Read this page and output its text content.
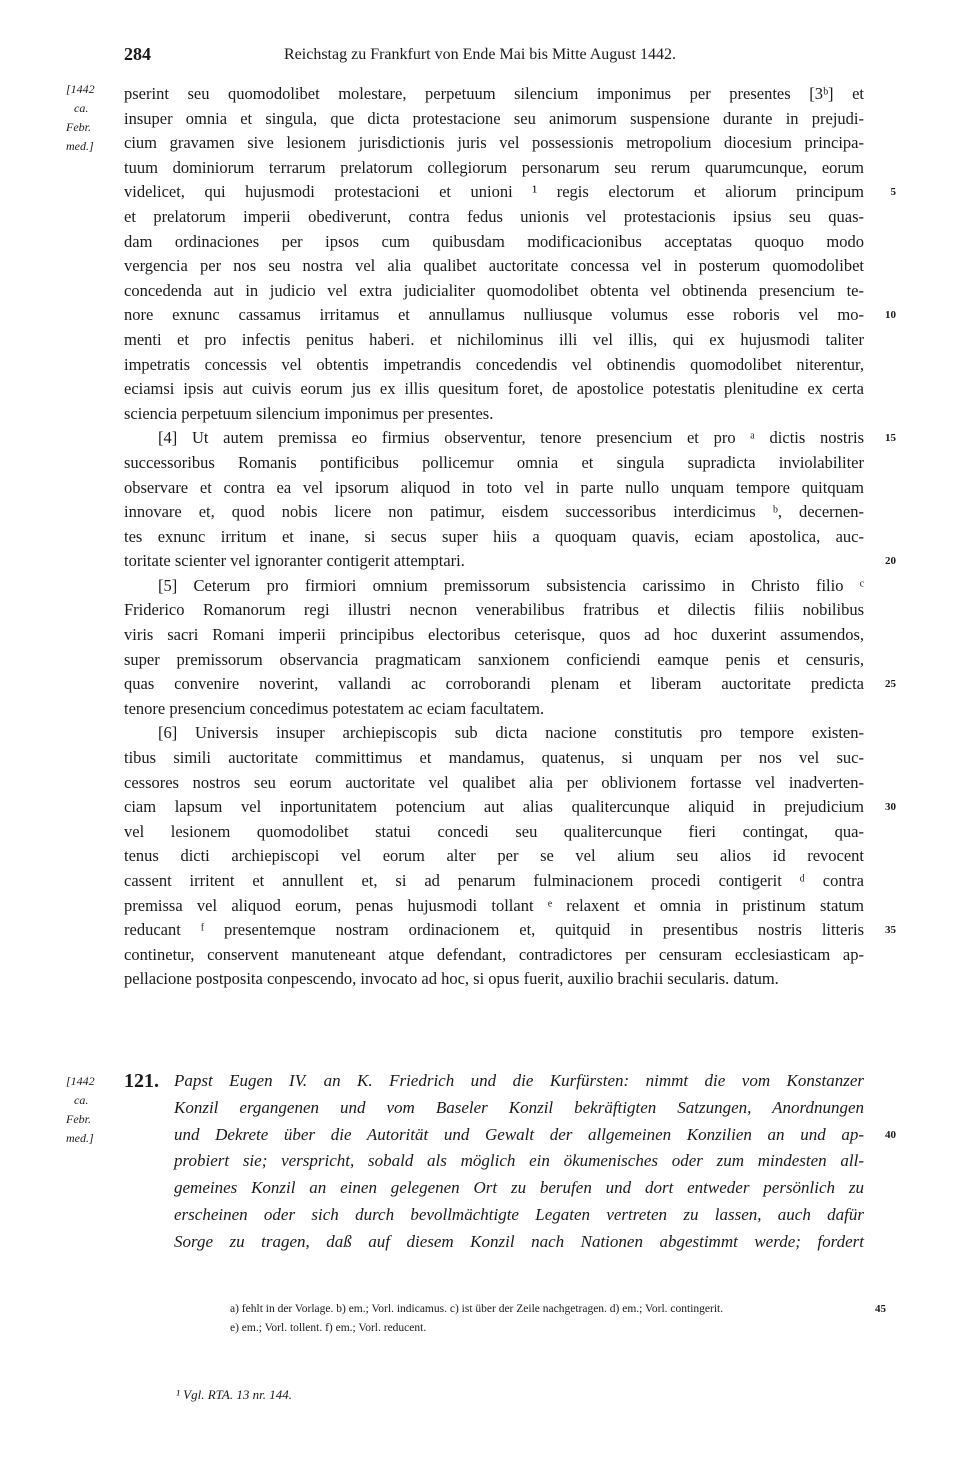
284	Reichstag zu Frankfurt von Ende Mai bis Mitte August 1442.
[1442
ca.
Febr.
med.]
pserint seu quomodolibet molestare, perpetuum silencium imponimus per presentes [3ᵇ] et
insuper omnia et singula, que dicta protestacione seu animorum suspensione durante in prejudi-
cium gravamen sive lesionem jurisdictionis juris vel possessionis metropolium diocesium principa-
tuum dominiorum terrarum prelatorum collegiorum personarum seu rerum quarumcunque, eorum
videlicet, qui hujusmodi protestacioni et unioni ¹ regis electorum et aliorum principum 5
et prelatorum imperii obediverunt, contra fedus unionis vel protestacionis ipsius seu quas-
dam ordinaciones per ipsos cum quibusdam modificacionibus acceptatas quoquo modo
vergencia per nos seu nostra vel alia qualibet auctoritate concessa vel in posterum quomodolibet
concedenda aut in judicio vel extra judicialiter quomodolibet obtenta vel obtinenda presencium te-
nore exnunc cassamus irritamus et annullamus nulliusque volumus esse roboris vel mo- 10
menti et pro infectis penitus haberi. et nichilominus illi vel illis, qui ex hujusmodi taliter
impetratis concessis vel obtentis impetrandis concedendis vel obtinendis quomodolibet niterentur,
eciamsi ipsis aut cuivis eorum jus ex illis quesitum foret, de apostolice potestatis plenitudine ex certa
sciencia perpetuum silencium imponimus per presentes.
[4] Ut autem premissa eo firmius observentur, tenore presencium et pro ᵃ dictis nostris 15
successoribus Romanis pontificibus pollicemur omnia et singula supradicta inviolabiliter
observare et contra ea vel ipsorum aliquod in toto vel in parte nullo unquam tempore quitquam
innovare et, quod nobis licere non patimur, eisdem successoribus interdicimus ᵇ, decernen-
tes exnunc irritum et inane, si secus super hiis a quoquam quavis, eciam apostolica, auc-
toritate scienter vel ignoranter contigerit attemptari.	20
[5] Ceterum pro firmiori omnium premissorum subsistencia carissimo in Christo filio ᶜ
Friderico Romanorum regi illustri necnon venerabilibus fratribus et dilectis filiis nobilibus
viris sacri Romani imperii principibus electoribus ceterisque, quos ad hoc duxerint assumendos,
super premissorum observancia pragmaticam sanxionem conficiendi eamque penis et censuris,
quas convenire noverint, vallandi ac corroborandi plenam et liberam auctoritate predicta 25
tenore presencium concedimus potestatem ac eciam facultatem.
[6] Universis insuper archiepiscopis sub dicta nacione constitutis pro tempore existen-
tibus simili auctoritate committimus et mandamus, quatenus, si unquam per nos vel suc-
cessores nostros seu eorum auctoritate vel qualibet alia per oblivionem fortasse vel inadverten-
ciam lapsum vel inportunitatem potencium aut alias qualitercunque aliquid in prejudicium 30
vel lesionem quomodolibet statui concedi seu qualitercunque fieri contingat, qua-
tenus dicti archiepiscopi vel eorum alter per se vel alium seu alios id revocent
cassent irritent et annullent et, si ad penarum fulminacionem procedi contigerit ᵈ contra
premissa vel aliquod eorum, penas hujusmodi tollant ᵉ relaxent et omnia in pristinum statum
reducant ᶠ presentemque nostram ordinacionem et, quitquid in presentibus nostris litteris 35
continetur, conservent manuteneant atque defendant, contradictores per censuram ecclesiasticam ap-
pellacione postposita conpescendo, invocato ad hoc, si opus fuerit, auxilio brachii secularis. datum.
[1442
ca.
Febr.
med.]
121. Papst Eugen IV. an K. Friedrich und die Kurfürsten: nimmt die vom Konstanzer
Konzil ergangenen und vom Baseler Konzil bekräftigten Satzungen, Anordnungen
und Dekrete über die Autorität und Gewalt der allgemeinen Konzilien an und ap- 40
probiert sie; verspricht, sobald als möglich ein ökumenisches oder zum mindesten all-
gemeines Konzil an einen gelegenen Ort zu berufen und dort entweder persönlich zu
erscheinen oder sich durch bevollmächtigte Legaten vertreten zu lassen, auch dafür
Sorge zu tragen, daß auf diesem Konzil nach Nationen abgestimmt werde; fordert
a) fehlt in der Vorlage. b) em.; Vorl. indicamus. c) ist über der Zeile nachgetragen. d) em.; Vorl. contingerit.	45
e) em.; Vorl. tollent. f) em.; Vorl. reducent.
¹ Vgl. RTA. 13 nr. 144.
